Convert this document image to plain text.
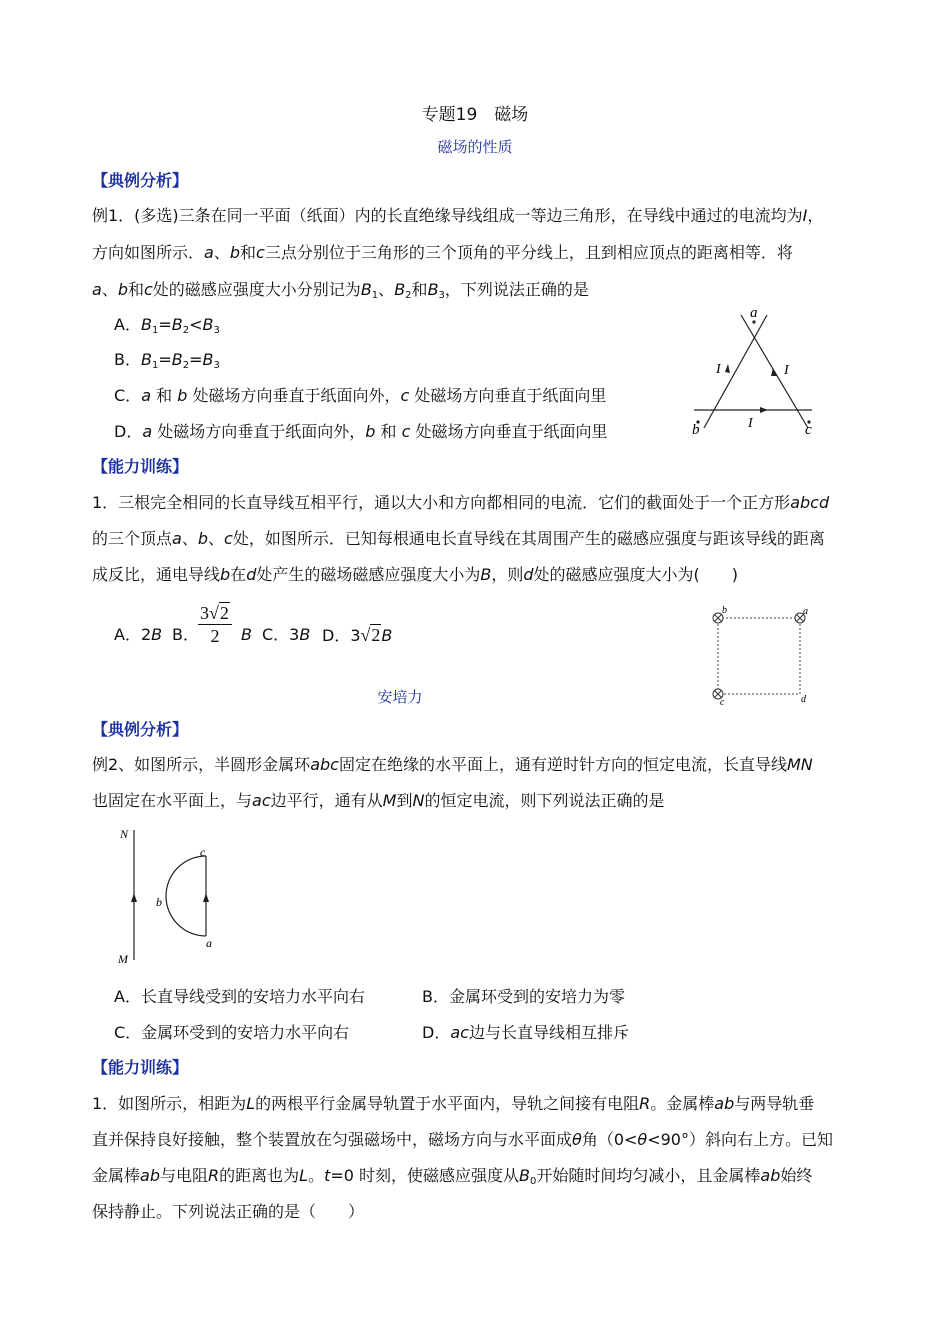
专题19　磁场
磁场的性质
【典例分析】
例1．(多选)三条在同一平面（纸面）内的长直绝缘导线组成一等边三角形，在导线中通过的电流均为I，
方向如图所示．a、b和c三点分别位于三角形的三个顶角的平分线上，且到相应顶点的距离相等．将
a、b和c处的磁感应强度大小分别记为$B_1$、$B_2$和$B_3$，下列说法正确的是
A．$B_1=B_2<B_3$
B．$B_1=B_2=B_3$
C．a 和 b 处磁场方向垂直于纸面向外，c 处磁场方向垂直于纸面向里
D．a 处磁场方向垂直于纸面向外，b 和 c 处磁场方向垂直于纸面向里
a
b	c
I	I
I
【能力训练】
1．三根完全相同的长直导线互相平行，通以大小和方向都相同的电流．它们的截面处于一个正方形abcd
的三个顶点a、b、c处，如图所示．已知每根通电长直导线在其周围产生的磁感应强度与距该导线的距离
成反比，通电导线b在d处产生的磁场磁感应强度大小为B，则d处的磁感应强度大小为(　　)
A．2B B． $\frac{3√2}{2}$ B C．3B D．3√2B
b	a
c	d
安培力
【典例分析】
例2、如图所示，半圆形金属环abc固定在绝缘的水平面上，通有逆时针方向的恒定电流，长直导线MN
也固定在水平面上，与ac边平行，通有从M到N的恒定电流，则下列说法正确的是
N
M
c
b
a
A．长直导线受到的安培力水平向右	B．金属环受到的安培力为零
C．金属环受到的安培力水平向右	D．ac边与长直导线相互排斥
【能力训练】
1．如图所示，相距为L的两根平行金属导轨置于水平面内，导轨之间接有电阻R。金属棒ab与两导轨垂
直并保持良好接触，整个装置放在匀强磁场中，磁场方向与水平面成θ角（0<θ<90°）斜向右上方。已知
金属棒ab与电阻R的距离也为L。t=0 时刻，使磁感应强度从$B_0$开始随时间均匀减小，且金属棒ab始终
保持静止。下列说法正确的是（　　）
